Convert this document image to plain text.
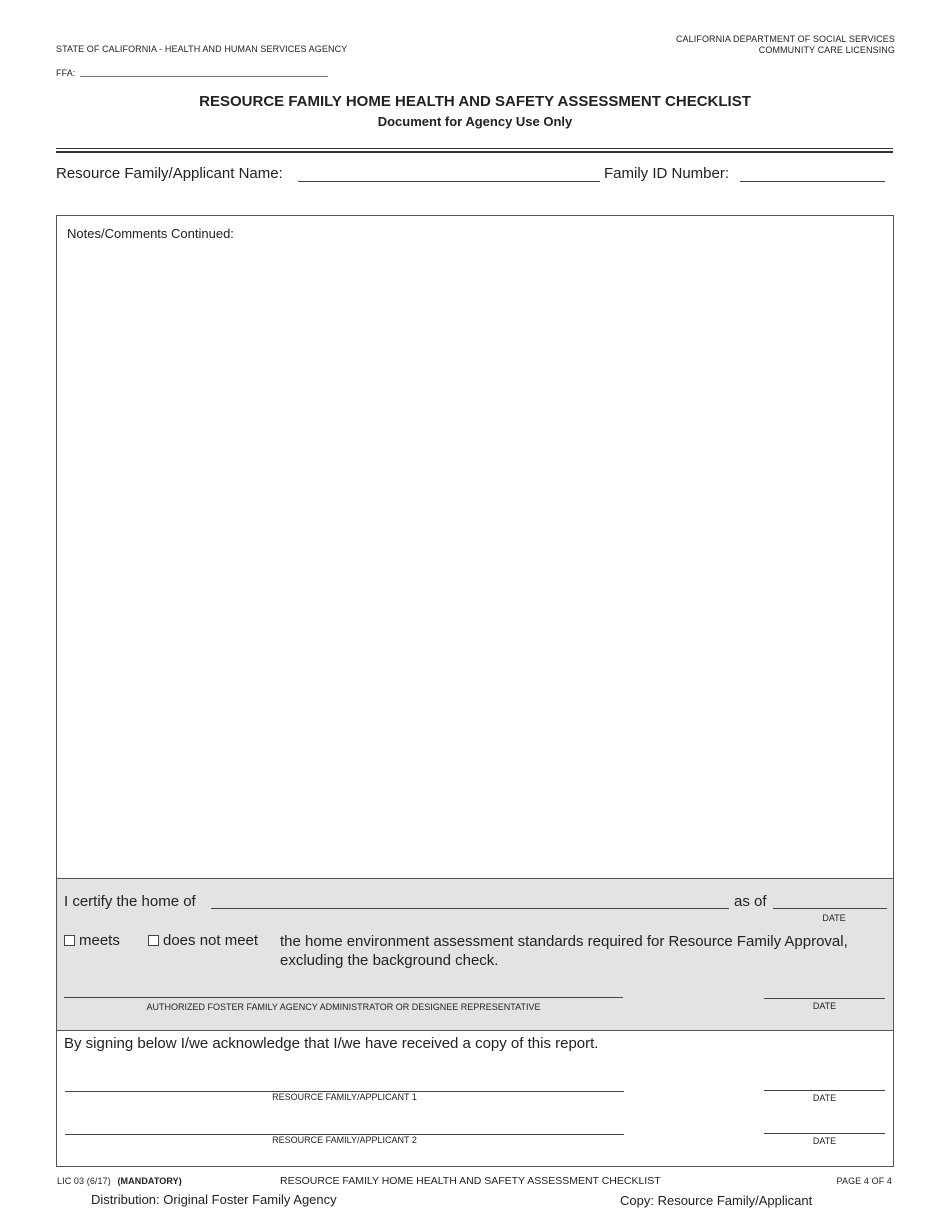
STATE OF CALIFORNIA - HEALTH AND HUMAN SERVICES AGENCY
CALIFORNIA DEPARTMENT OF SOCIAL SERVICES
COMMUNITY CARE LICENSING
FFA:
RESOURCE FAMILY HOME HEALTH AND SAFETY ASSESSMENT CHECKLIST
Document for Agency Use Only
Resource Family/Applicant Name:	Family ID Number:
Notes/Comments Continued:
I certify the home of	as of
DATE
meets	does not meet the home environment assessment standards required for Resource Family Approval,
excluding the background check.
AUTHORIZED FOSTER FAMILY AGENCY ADMINISTRATOR OR DESIGNEE REPRESENTATIVE	DATE
By signing below I/we acknowledge that I/we have received a copy of this report.
RESOURCE FAMILY/APPLICANT 1	DATE
RESOURCE FAMILY/APPLICANT 2	DATE
LIC 03 (6/17) (MANDATORY)	RESOURCE FAMILY HOME HEALTH AND SAFETY ASSESSMENT CHECKLIST	PAGE 4 OF 4
Distribution: Original Foster Family Agency	Copy: Resource Family/Applicant
